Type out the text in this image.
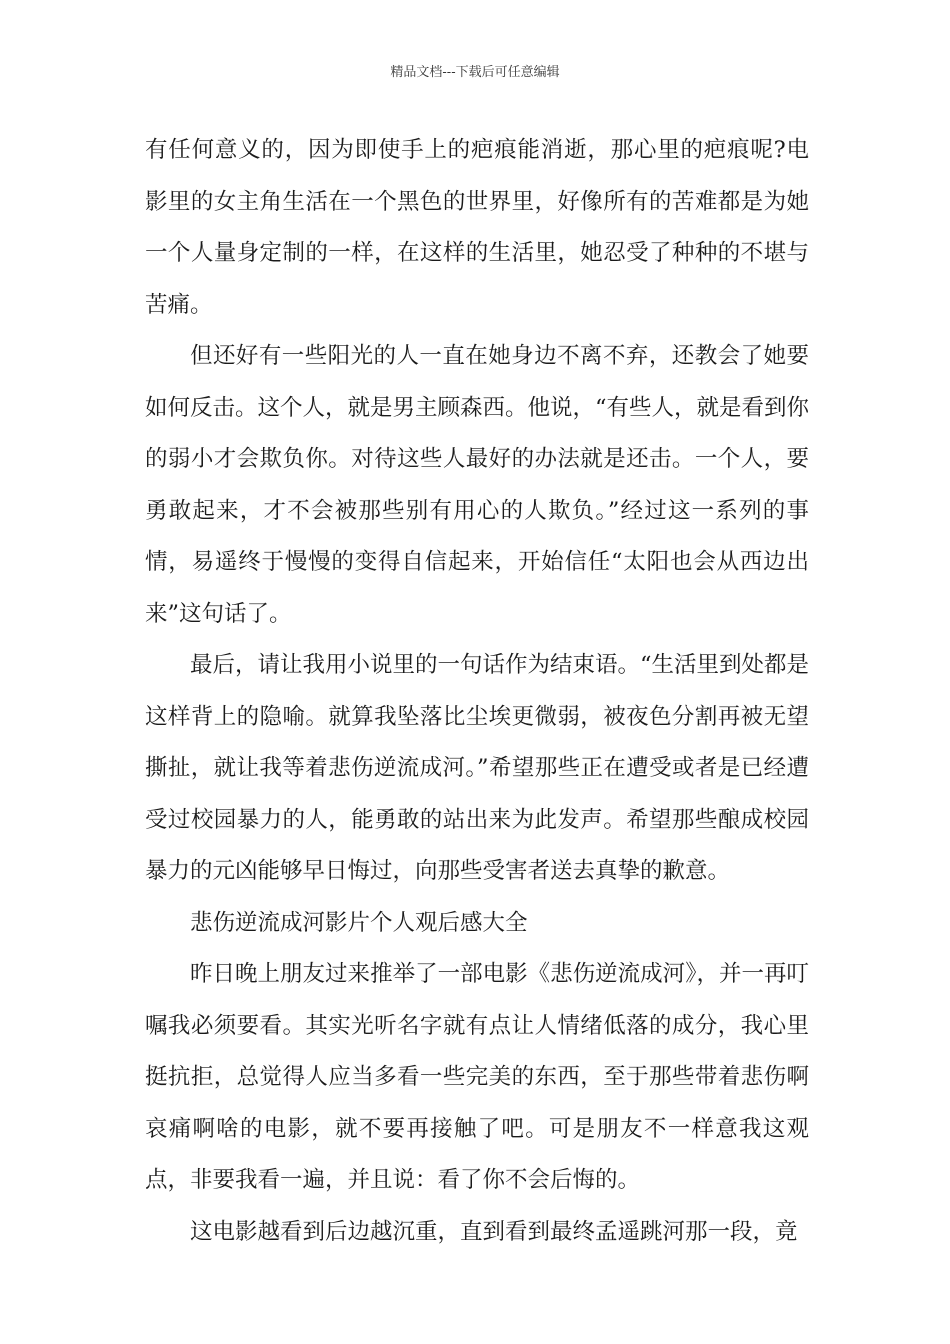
精品文档---下载后可任意编辑

有任何意义的，因为即使手上的疤痕能消逝，那心里的疤痕呢?电影里的女主角生活在一个黑色的世界里，好像所有的苦难都是为她一个人量身定制的一样，在这样的生活里，她忍受了种种的不堪与苦痛。

但还好有一些阳光的人一直在她身边不离不弃，还教会了她要如何反击。这个人，就是男主顾森西。他说，“有些人，就是看到你的弱小才会欺负你。对待这些人最好的办法就是还击。一个人，要勇敢起来，才不会被那些别有用心的人欺负。”经过这一系列的事情，易遥终于慢慢的变得自信起来，开始信任“太阳也会从西边出来”这句话了。

最后，请让我用小说里的一句话作为结束语。“生活里到处都是这样背上的隐喻。就算我坠落比尘埃更微弱，被夜色分割再被无望撕扯，就让我等着悲伤逆流成河。”希望那些正在遭受或者是已经遭受过校园暴力的人，能勇敢的站出来为此发声。希望那些酿成校园暴力的元凶能够早日悔过，向那些受害者送去真挚的歉意。

悲伤逆流成河影片个人观后感大全

昨日晚上朋友过来推举了一部电影《悲伤逆流成河》，并一再叮嘱我必须要看。其实光听名字就有点让人情绪低落的成分，我心里挺抗拒，总觉得人应当多看一些完美的东西，至于那些带着悲伤啊哀痛啊啥的电影，就不要再接触了吧。可是朋友不一样意我这观点，非要我看一遍，并且说：看了你不会后悔的。

这电影越看到后边越沉重，直到看到最终孟遥跳河那一段，竟
